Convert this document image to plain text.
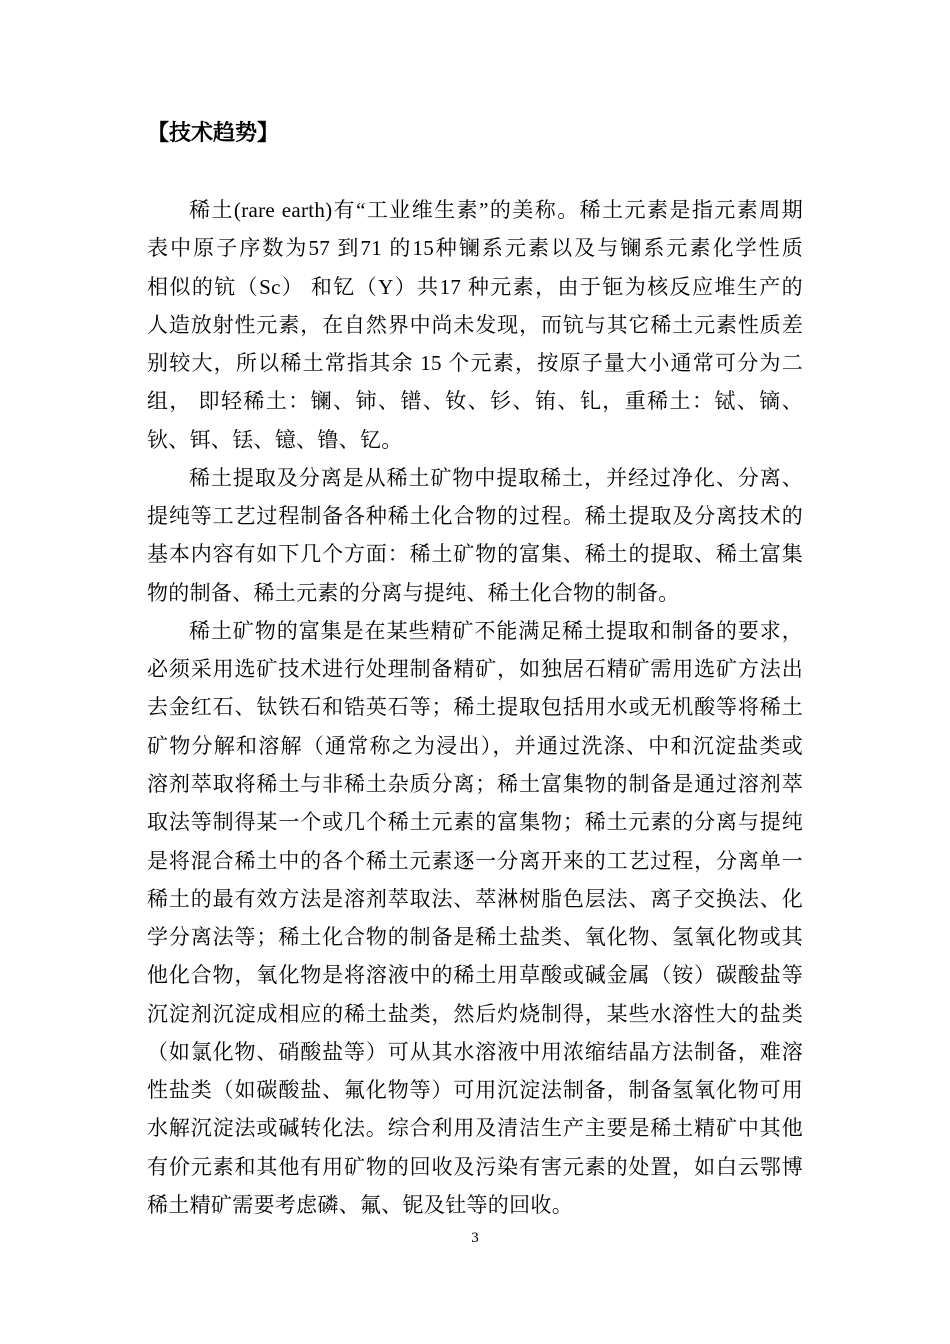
【技术趋势】
稀土(rare earth)有“工业维生素”的美称。稀土元素是指元素周期
表中原子序数为57 到71 的15种镧系元素以及与镧系元素化学性质
相似的钪（Sc） 和钇（Y）共17 种元素，由于钷为核反应堆生产的
人造放射性元素，在自然界中尚未发现，而钪与其它稀土元素性质差
别较大，所以稀土常指其余 15 个元素，按原子量大小通常可分为二
组， 即轻稀土：镧、铈、镨、钕、钐、铕、钆，重稀土：铽、镝、
钬、铒、铥、镱、镥、钇。
稀土提取及分离是从稀土矿物中提取稀土，并经过净化、分离、
提纯等工艺过程制备各种稀土化合物的过程。稀土提取及分离技术的
基本内容有如下几个方面：稀土矿物的富集、稀土的提取、稀土富集
物的制备、稀土元素的分离与提纯、稀土化合物的制备。
稀土矿物的富集是在某些精矿不能满足稀土提取和制备的要求，
必须采用选矿技术进行处理制备精矿，如独居石精矿需用选矿方法出
去金红石、钛铁石和锆英石等；稀土提取包括用水或无机酸等将稀土
矿物分解和溶解（通常称之为浸出），并通过洗涤、中和沉淀盐类或
溶剂萃取将稀土与非稀土杂质分离；稀土富集物的制备是通过溶剂萃
取法等制得某一个或几个稀土元素的富集物；稀土元素的分离与提纯
是将混合稀土中的各个稀土元素逐一分离开来的工艺过程，分离单一
稀土的最有效方法是溶剂萃取法、萃淋树脂色层法、离子交换法、化
学分离法等；稀土化合物的制备是稀土盐类、氧化物、氢氧化物或其
他化合物，氧化物是将溶液中的稀土用草酸或碱金属（铵）碳酸盐等
沉淀剂沉淀成相应的稀土盐类，然后灼烧制得，某些水溶性大的盐类
（如氯化物、硝酸盐等）可从其水溶液中用浓缩结晶方法制备，难溶
性盐类（如碳酸盐、氟化物等）可用沉淀法制备，制备氢氧化物可用
水解沉淀法或碱转化法。综合利用及清洁生产主要是稀土精矿中其他
有价元素和其他有用矿物的回收及污染有害元素的处置，如白云鄂博
稀土精矿需要考虑磷、氟、铌及钍等的回收。
3
